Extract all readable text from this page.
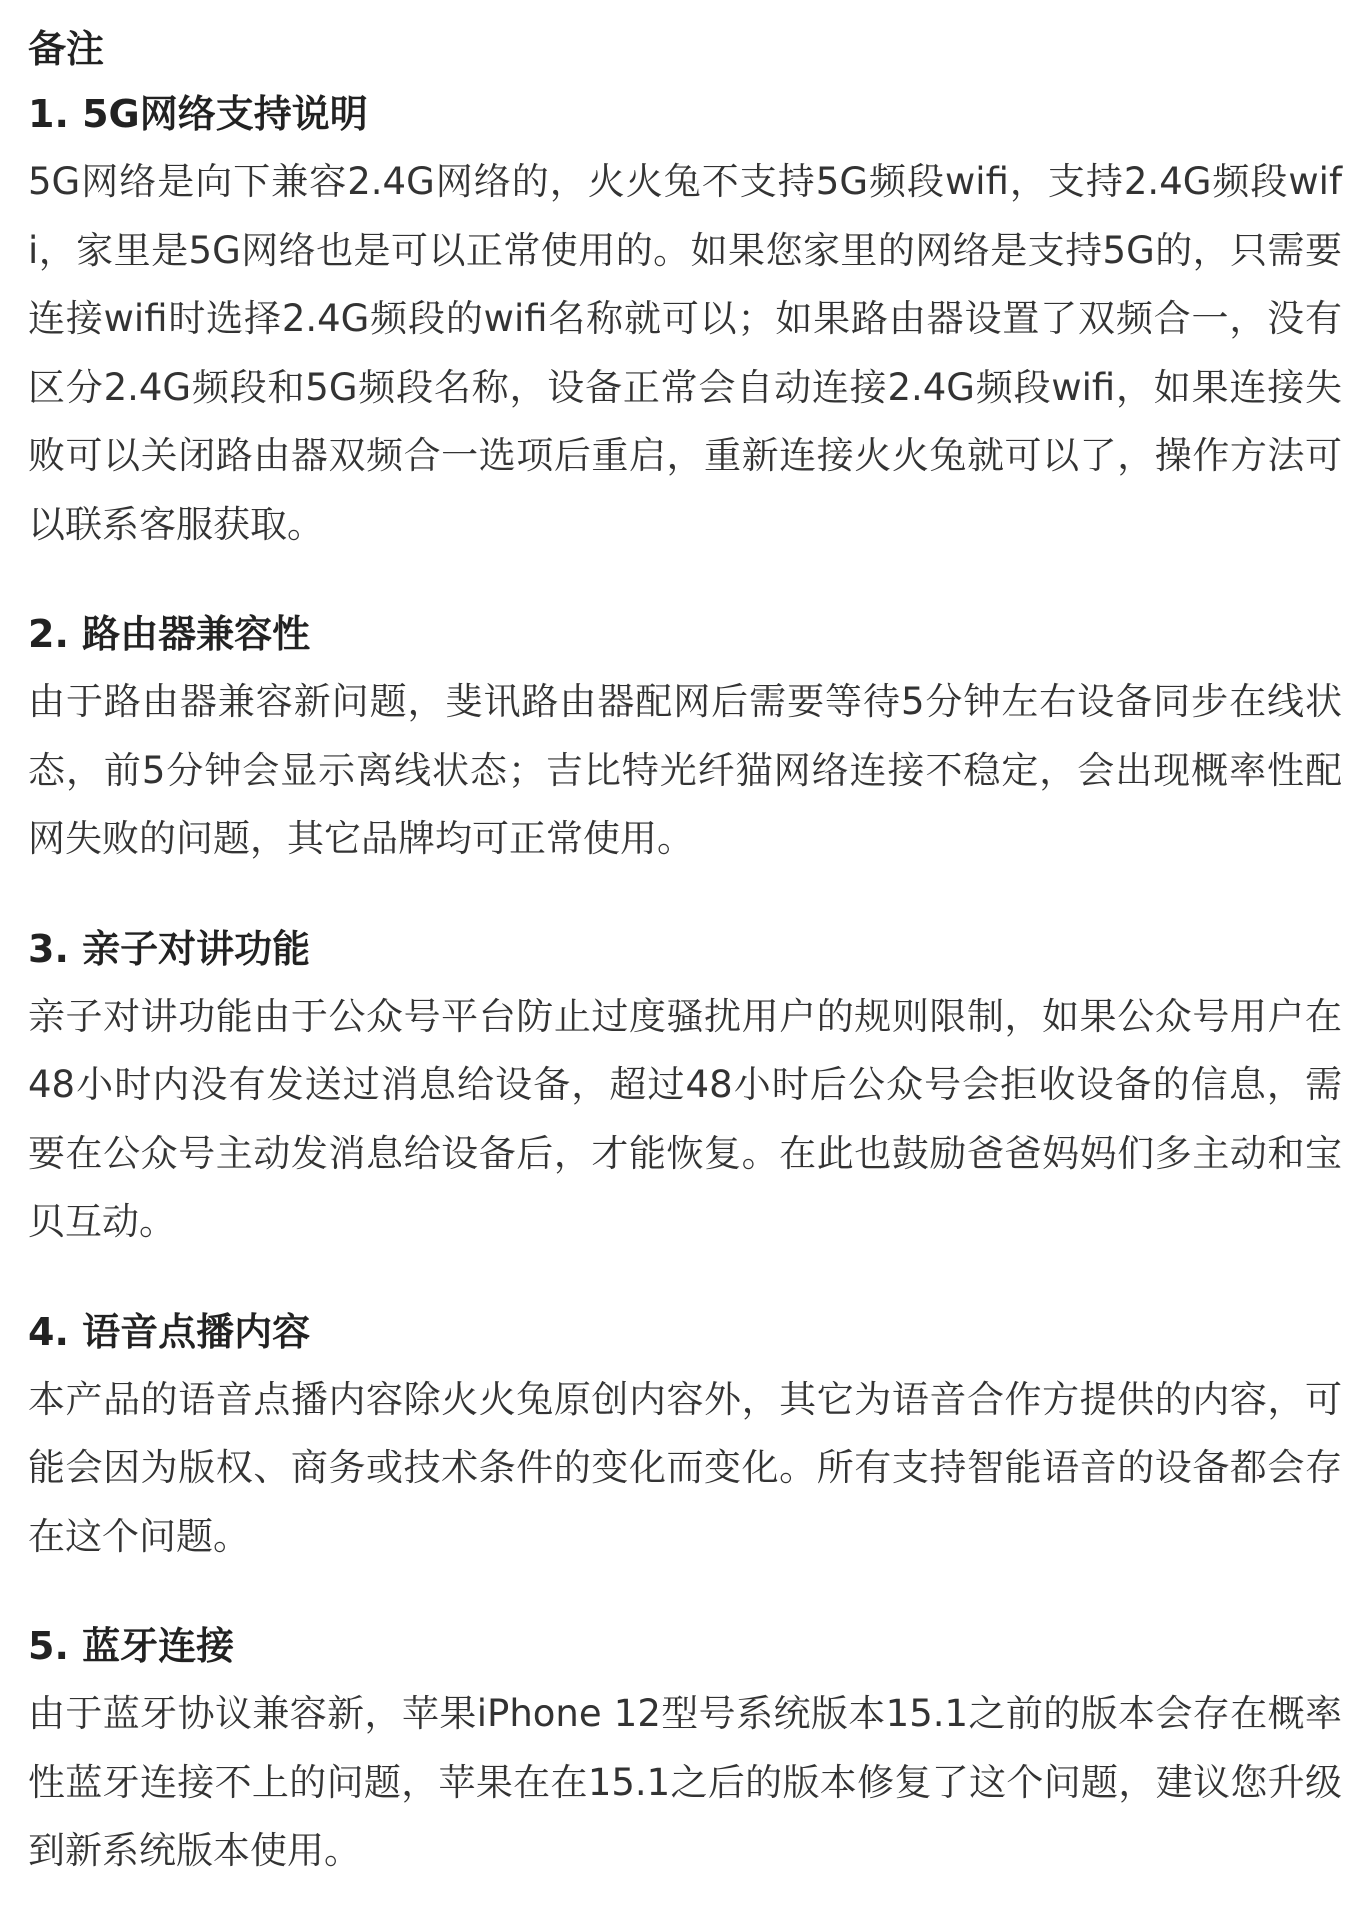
备注
1. 5G网络支持说明

5G网络是向下兼容2.4G网络的，火火兔不支持5G频段wifi，支持2.4G频段wifi，家里是5G网络也是可以正常使用的。如果您家里的网络是支持5G的，只需要连接wifi时选择2.4G频段的wifi名称就可以；如果路由器设置了双频合一，没有区分2.4G频段和5G频段名称，设备正常会自动连接2.4G频段wifi，如果连接失败可以关闭路由器双频合一选项后重启，重新连接火火兔就可以了，操作方法可以联系客服获取。

2. 路由器兼容性

由于路由器兼容新问题，斐讯路由器配网后需要等待5分钟左右设备同步在线状态，前5分钟会显示离线状态；吉比特光纤猫网络连接不稳定，会出现概率性配网失败的问题，其它品牌均可正常使用。

3. 亲子对讲功能

亲子对讲功能由于公众号平台防止过度骚扰用户的规则限制，如果公众号用户在48小时内没有发送过消息给设备，超过48小时后公众号会拒收设备的信息，需要在公众号主动发消息给设备后，才能恢复。在此也鼓励爸爸妈妈们多主动和宝贝互动。

4. 语音点播内容

本产品的语音点播内容除火火兔原创内容外，其它为语音合作方提供的内容，可能会因为版权、商务或技术条件的变化而变化。所有支持智能语音的设备都会存在这个问题。

5. 蓝牙连接

由于蓝牙协议兼容新，苹果iPhone 12型号系统版本15.1之前的版本会存在概率性蓝牙连接不上的问题，苹果在在15.1之后的版本修复了这个问题，建议您升级到新系统版本使用。
